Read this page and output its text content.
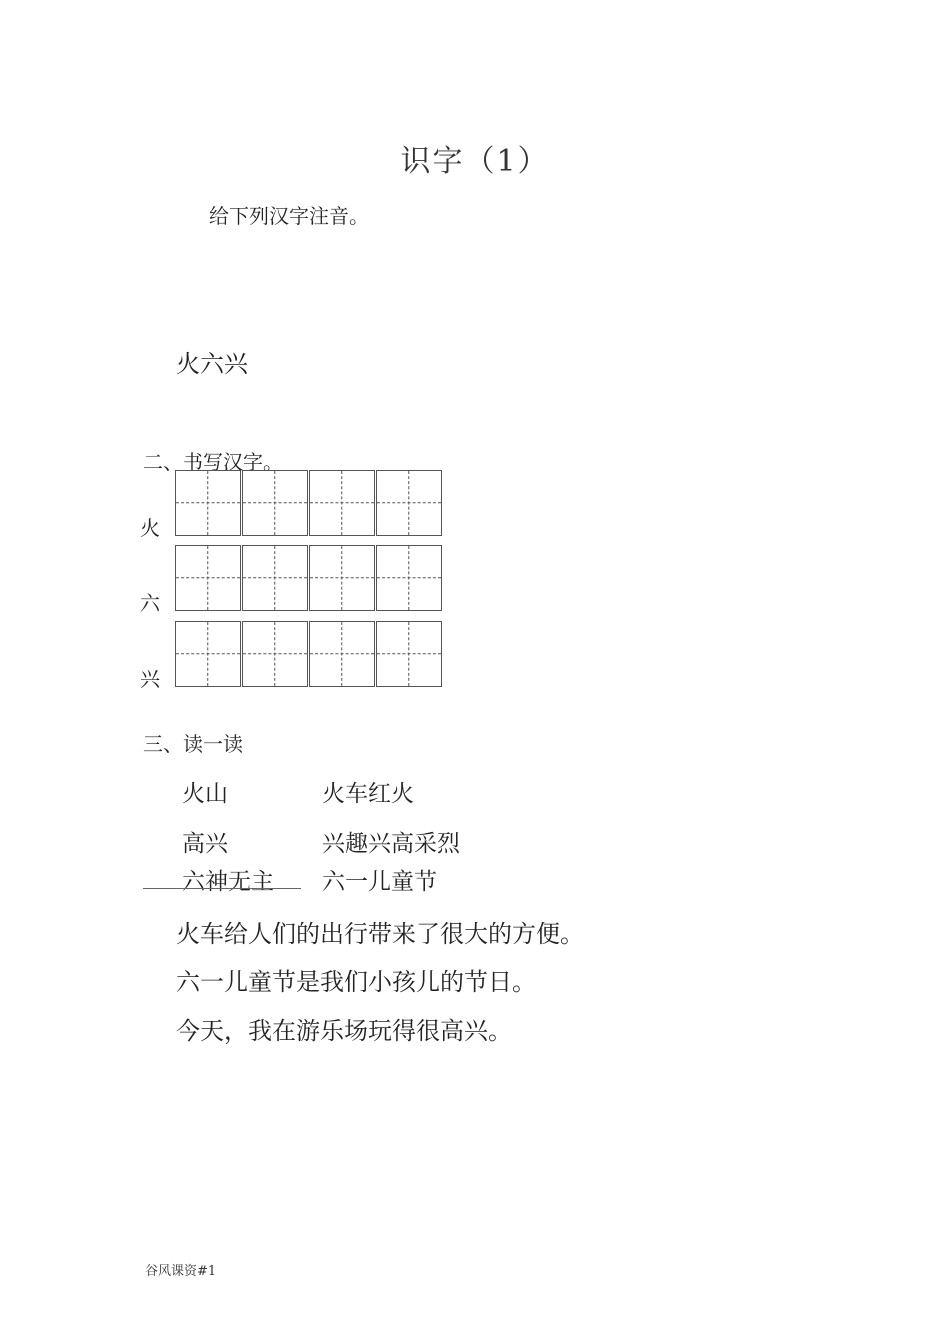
识字（1）
给下列汉字注音。
火六兴
二、书写汉字。
火
六
兴
三、读一读
火山	火车红火
高兴	兴趣兴高采烈
六神无主 六一儿童节
火车给人们的出行带来了很大的方便。
六一儿童节是我们小孩儿的节日。
今天，我在游乐场玩得很高兴。
谷风课资#1
